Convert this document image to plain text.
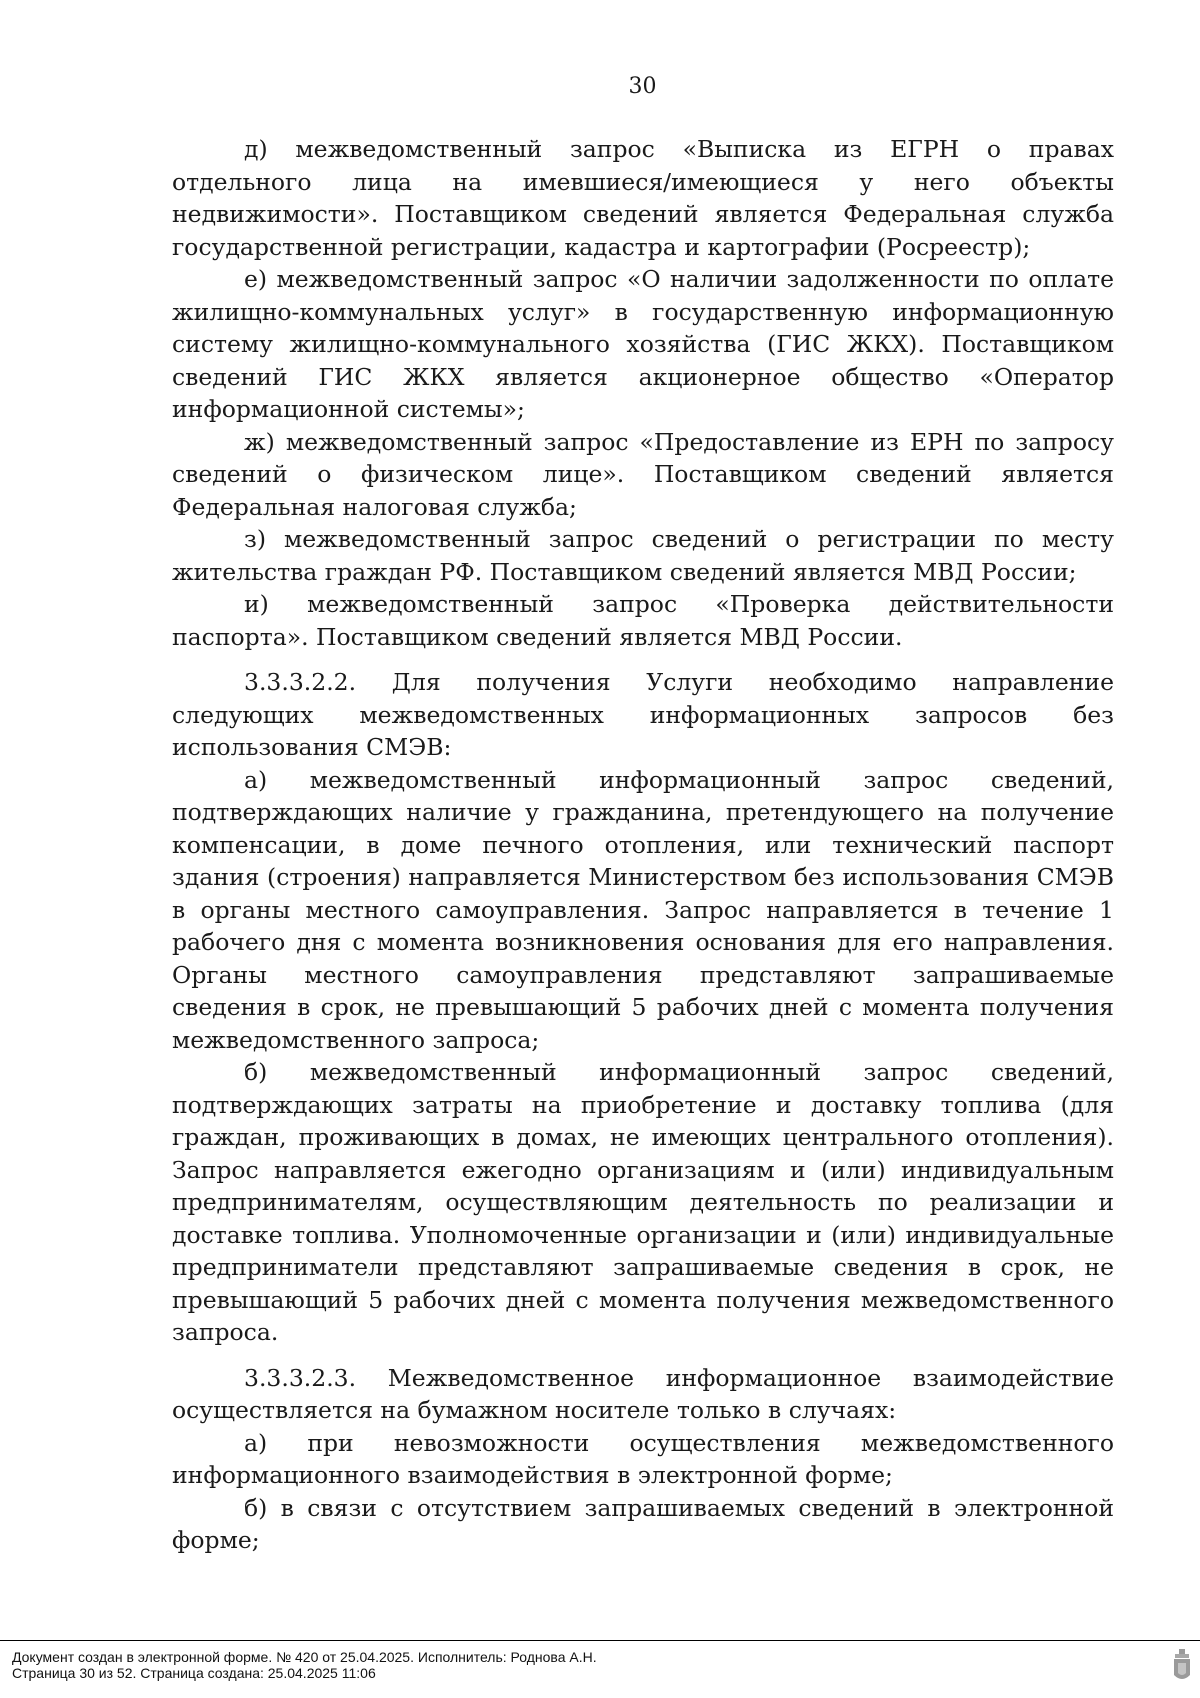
30

д) межведомственный запрос «Выписка из ЕГРН о правах отдельного лица на имевшиеся/имеющиеся у него объекты недвижимости». Поставщиком сведений является Федеральная служба государственной регистрации, кадастра и картографии (Росреестр);

е) межведомственный запрос «О наличии задолженности по оплате жилищно-коммунальных услуг» в государственную информационную систему жилищно-коммунального хозяйства (ГИС ЖКХ). Поставщиком сведений ГИС ЖКХ является акционерное общество «Оператор информационной системы»;

ж) межведомственный запрос «Предоставление из ЕРН по запросу сведений о физическом лице». Поставщиком сведений является Федеральная налоговая служба;

з) межведомственный запрос сведений о регистрации по месту жительства граждан РФ. Поставщиком сведений является МВД России;

и) межведомственный запрос «Проверка действительности паспорта». Поставщиком сведений является МВД России.

3.3.3.2.2. Для получения Услуги необходимо направление следующих межведомственных информационных запросов без использования СМЭВ:

а) межведомственный информационный запрос сведений, подтверждающих наличие у гражданина, претендующего на получение компенсации, в доме печного отопления, или технический паспорт здания (строения) направляется Министерством без использования СМЭВ в органы местного самоуправления. Запрос направляется в течение 1 рабочего дня с момента возникновения основания для его направления. Органы местного самоуправления представляют запрашиваемые сведения в срок, не превышающий 5 рабочих дней с момента получения межведомственного запроса;

б) межведомственный информационный запрос сведений, подтверждающих затраты на приобретение и доставку топлива (для граждан, проживающих в домах, не имеющих центрального отопления). Запрос направляется ежегодно организациям и (или) индивидуальным предпринимателям, осуществляющим деятельность по реализации и доставке топлива. Уполномоченные организации и (или) индивидуальные предприниматели представляют запрашиваемые сведения в срок, не превышающий 5 рабочих дней с момента получения межведомственного запроса.

3.3.3.2.3. Межведомственное информационное взаимодействие осуществляется на бумажном носителе только в случаях:

а) при невозможности осуществления межведомственного информационного взаимодействия в электронной форме;

б) в связи с отсутствием запрашиваемых сведений в электронной форме;

Документ создан в электронной форме. № 420 от 25.04.2025. Исполнитель: Роднова А.Н.
Страница 30 из 52. Страница создана: 25.04.2025 11:06
